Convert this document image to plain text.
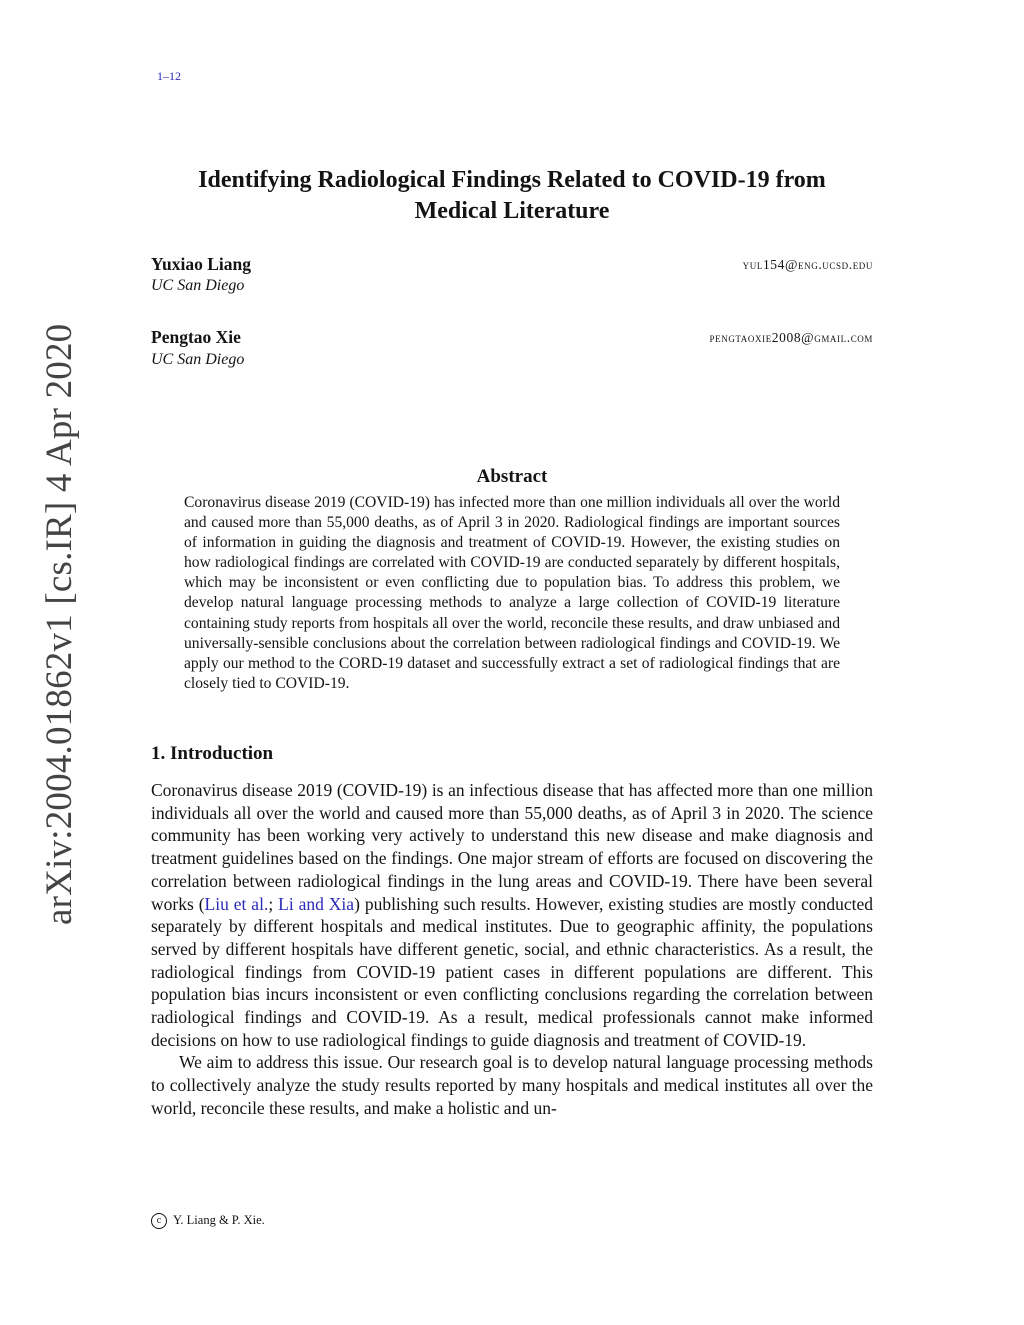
1–12
arXiv:2004.01862v1 [cs.IR] 4 Apr 2020
Identifying Radiological Findings Related to COVID-19 from
Medical Literature
Yuxiao Liang	yul154@eng.ucsd.edu
UC San Diego
Pengtao Xie	pengtaoxie2008@gmail.com
UC San Diego
Abstract
Coronavirus disease 2019 (COVID-19) has infected more than one million individuals all over the world and caused more than 55,000 deaths, as of April 3 in 2020. Radiological findings are important sources of information in guiding the diagnosis and treatment of COVID-19. However, the existing studies on how radiological findings are correlated with COVID-19 are conducted separately by different hospitals, which may be inconsistent or even conflicting due to population bias. To address this problem, we develop natural language processing methods to analyze a large collection of COVID-19 literature containing study reports from hospitals all over the world, reconcile these results, and draw unbiased and universally-sensible conclusions about the correlation between radiological findings and COVID-19. We apply our method to the CORD-19 dataset and successfully extract a set of radiological findings that are closely tied to COVID-19.
1. Introduction

Coronavirus disease 2019 (COVID-19) is an infectious disease that has affected more than one million individuals all over the world and caused more than 55,000 deaths, as of April 3 in 2020. The science community has been working very actively to understand this new disease and make diagnosis and treatment guidelines based on the findings. One major stream of efforts are focused on discovering the correlation between radiological findings in the lung areas and COVID-19. There have been several works (Liu et al.; Li and Xia) publishing such results. However, existing studies are mostly conducted separately by different hospitals and medical institutes. Due to geographic affinity, the populations served by different hospitals have different genetic, social, and ethnic characteristics. As a result, the radiological findings from COVID-19 patient cases in different populations are different. This population bias incurs inconsistent or even conflicting conclusions regarding the correlation between radiological findings and COVID-19. As a result, medical professionals cannot make informed decisions on how to use radiological findings to guide diagnosis and treatment of COVID-19.

We aim to address this issue. Our research goal is to develop natural language processing methods to collectively analyze the study results reported by many hospitals and medical institutes all over the world, reconcile these results, and make a holistic and un-

c Y. Liang & P. Xie.
